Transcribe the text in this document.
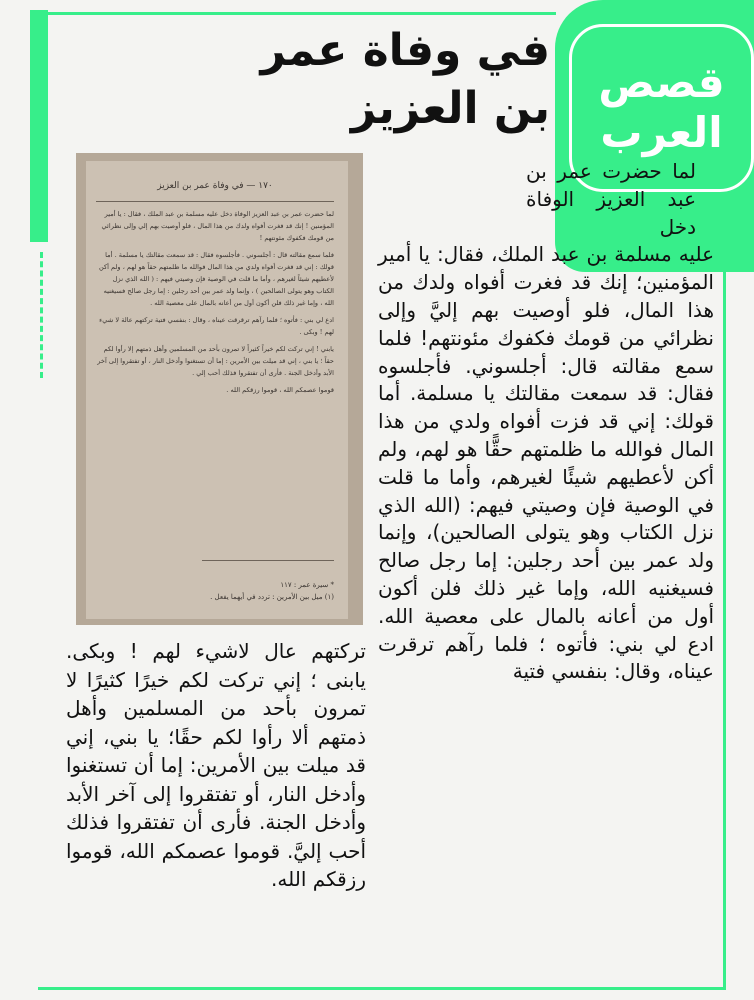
قصص
العرب
في وفاة عمر
بن العزيز
١٧٠ — في وفاة عمر بن العزيز

لما حضرت عمر بن عبد العزيز الوفاة دخل عليه مسلمة بن عبد الملك ، فقال : يا أمير المؤمنين ! إنك قد فغرت أفواه ولدك من هذا المال ، فلو أوصيت بهم إلي وإلى نظرائي من قومك فكفوك مئونتهم !

فلما سمع مقالته قال : أجلسوني . فأجلسوه فقال : قد سمعت مقالتك يا مسلمة . أما قولك : إني قد فغرت أفواه ولدي من هذا المال فوالله ما ظلمتهم حقاً هو لهم ، ولم أكن لأعطيهم شيئاً لغيرهم ، وأما ما قلت في الوصية فإن وصيتي فيهم : ( الله الذي نزل الكتاب وهو يتولى الصالحين ) ، وإنما ولد عمر بين أحد رجلين : إما رجل صالح فسيغنيه الله ، وإما غير ذلك فلن أكون أول من أعانه بالمال على معصية الله .

ادع لي بني : فأتوه ؛ فلما رآهم ترقرقت عيناه ، وقال : بنفسي فتية تركتهم عالة لا شيء لهم ! وبكى .

يابني ! إني تركت لكم خيراً كثيراً لا تمرون بأحد من المسلمين وأهل ذمتهم إلا رأوا لكم حقاً ؛ يا بني ، إني قد ميلت بين الأمرين : إما أن تستغنوا وأدخل النار ، أو تفتقروا إلى آخر الأبد وأدخل الجنة . فأرى أن تفتقروا فذلك أحب إلي .

قوموا عصمكم الله ، قوموا رزقكم الله .

* سيرة عمر : ١١٧
(١) ميل بين الأمرين : تردد في أيهما يفعل .

لما حضرت عمر بن عبد العزيز الوفاة دخل

عليه مسلمة بن عبد الملك، فقال: يا أمير المؤمنين؛ إنك قد فغرت أفواه ولدك من هذا المال، فلو أوصيت بهم إليَّ وإلى نظرائي من قومك فكفوك مئونتهم! فلما سمع مقالته قال: أجلسوني. فأجلسوه فقال: قد سمعت مقالتك يا مسلمة. أما قولك: إني قد فزت أفواه ولدي من هذا المال فوالله ما ظلمتهم حقًّا هو لهم، ولم أكن لأعطيهم شيئًا لغيرهم، وأما ما قلت في الوصية فإن وصيتي فيهم: (الله الذي نزل الكتاب وهو يتولى الصالحين)، وإنما ولد عمر بين أحد رجلين: إما رجل صالح فسيغنيه الله، وإما غير ذلك فلن أكون أول من أعانه بالمال على معصية الله. ادع لي بني: فأتوه ؛ فلما رآهم ترقرت عيناه، وقال: بنفسي فتية

تركتهم عال لاشيء لهم ! وبكى. يابنى ؛ إني تركت لكم خيرًا كثيرًا لا تمرون بأحد من المسلمين وأهل ذمتهم ألا رأوا لكم حقًا؛ يا بني، إني قد ميلت بين الأمرين: إما أن تستغنوا وأدخل النار، أو تفتقروا إلى آخر الأبد وأدخل الجنة. فأرى أن تفتقروا فذلك أحب إليَّ. قوموا عصمكم الله، قوموا رزقكم الله.
